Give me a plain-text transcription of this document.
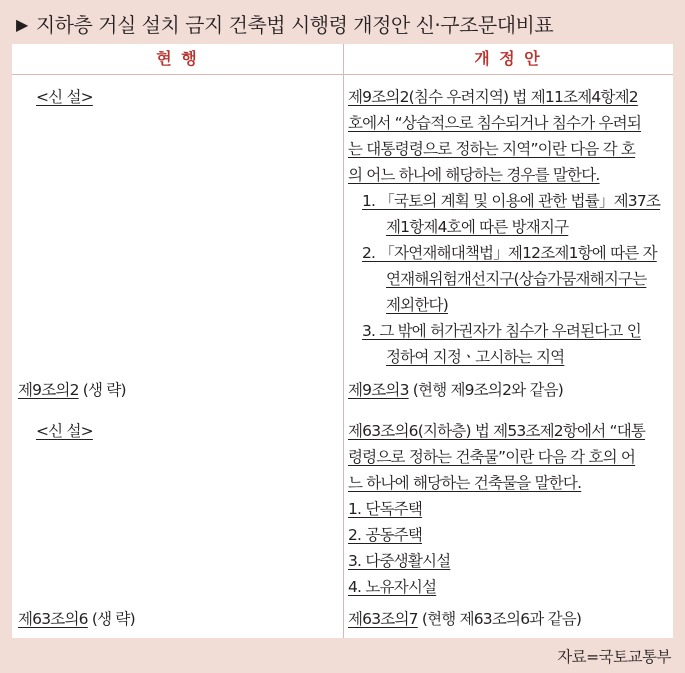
▶ 지하층 거실 설치 금지 건축법 시행령 개정안 신·구조문대비표
현 행	개 정 안
<신 설>	제9조의2(침수 우려지역) 법 제11조제4항제2
호에서 “상습적으로 침수되거나 침수가 우려되
는 대통령령으로 정하는 지역”이란 다음 각 호
의 어느 하나에 해당하는 경우를 말한다.
1. 「국토의 계획 및 이용에 관한 법률」제37조
제1항제4호에 따른 방재지구
2. 「자연재해대책법」제12조제1항에 따른 자
연재해위험개선지구(상습가뭄재해지구는
제외한다)
3. 그 밖에 허가권자가 침수가 우려된다고 인
정하여 지정ㆍ고시하는 지역
제9조의2 (생 략)	제9조의3 (현행 제9조의2와 같음)
<신 설>	제63조의6(지하층) 법 제53조제2항에서 “대통
령령으로 정하는 건축물”이란 다음 각 호의 어
느 하나에 해당하는 건축물을 말한다.
1. 단독주택
2. 공동주택
3. 다중생활시설
4. 노유자시설
제63조의6 (생 략)	제63조의7 (현행 제63조의6과 같음)
자료=국토교통부
